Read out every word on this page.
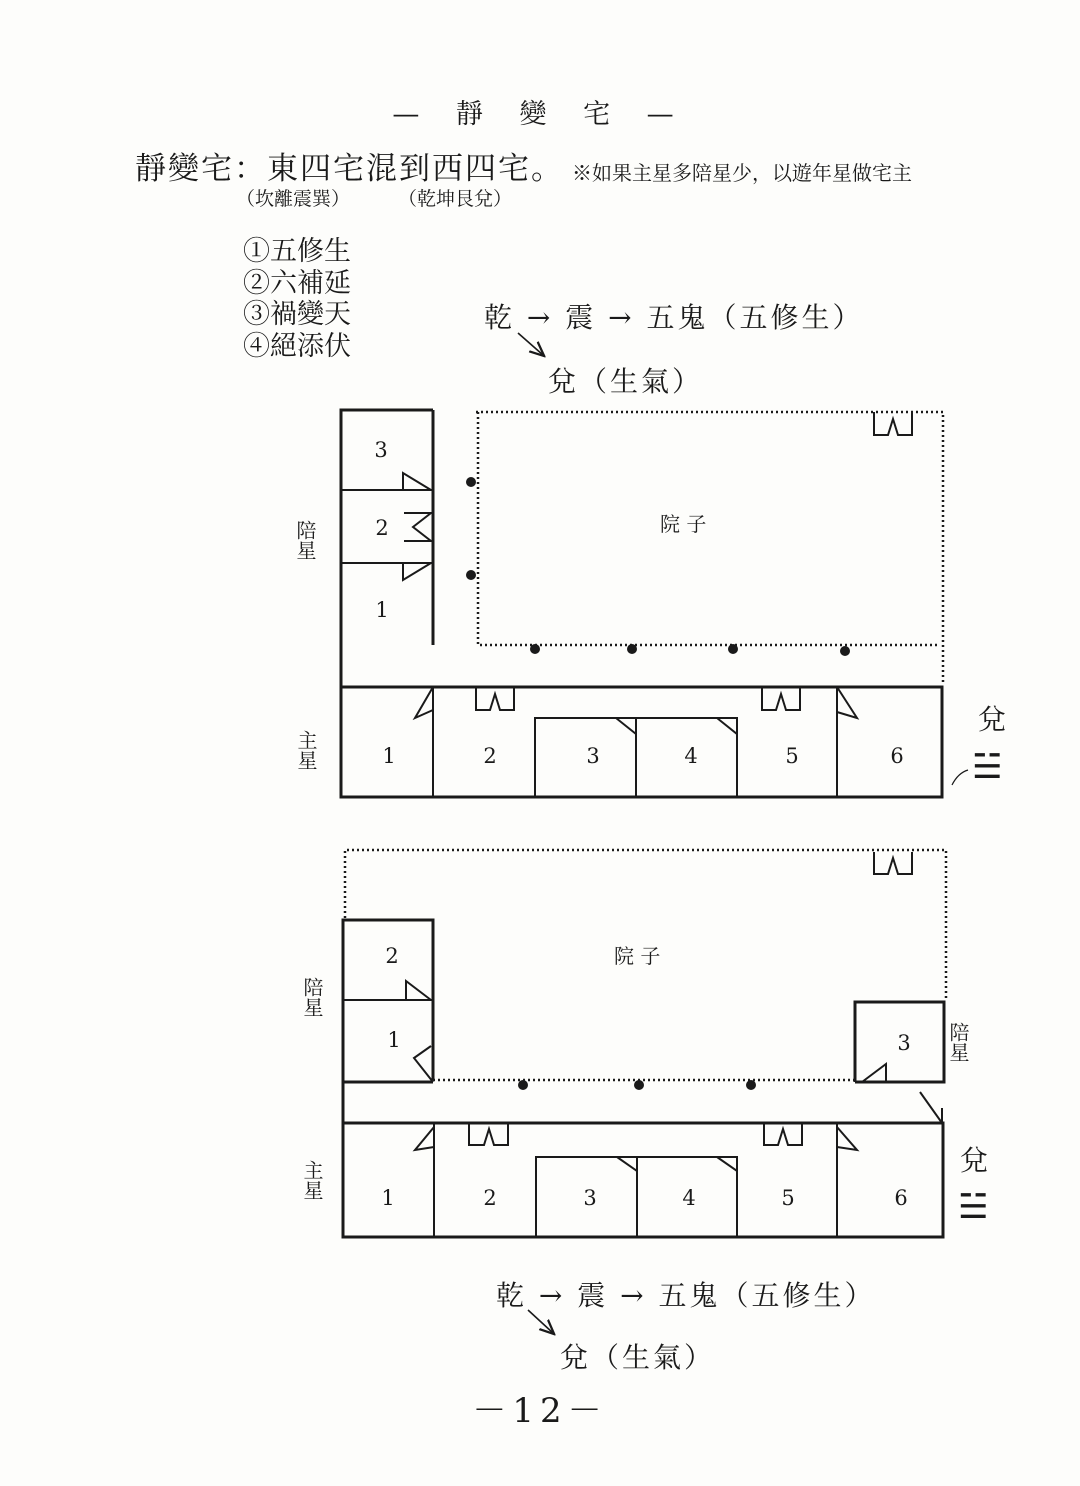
— 靜 變 宅 —
靜變宅：東四宅混到西四宅。 ※如果主星多陪星少，以遊年星做宅主
（坎離震巽）	（乾坤艮兌）
①五修生
②六補延
③禍變天
④絕添伏
乾 → 震 → 五鬼（五修生）
兌（生氣）
乾 → 震 → 五鬼（五修生）
兌（生氣）
－12－
院 子
3
2
1
陪星
主星	1	2	3	4	5	6
兌
☱
院 子
2
1	3
陪星
陪星
主星	1	2	3	4	5	6
兌
☱
